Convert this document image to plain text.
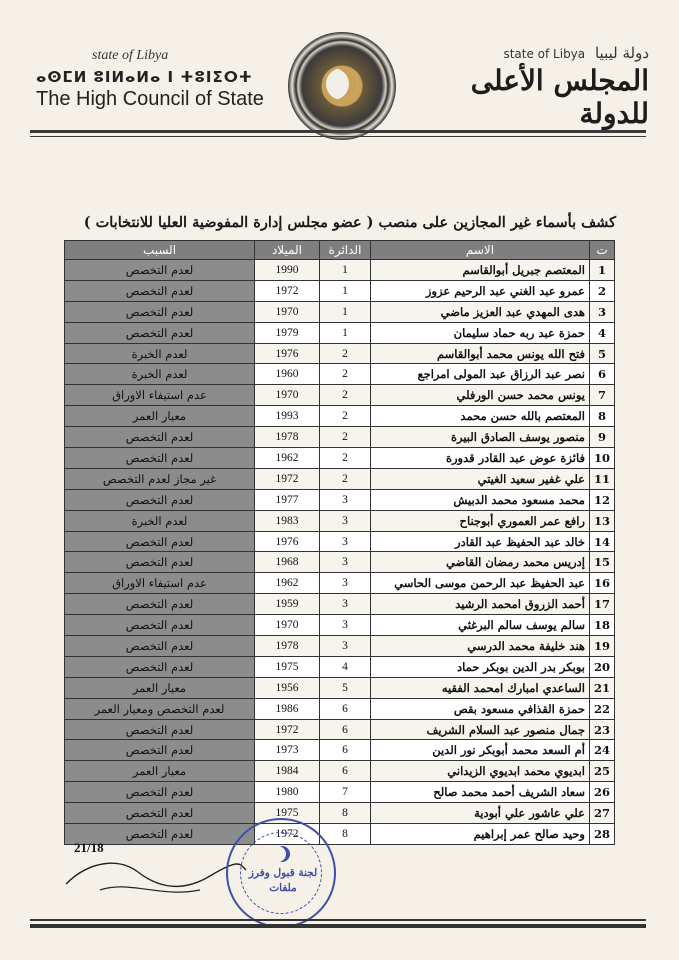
state of Libya
ⴰⵙⵎⵍ ⵓⵏⵍⴰⵍⴰ ⵏ ⵜⵓⵏⵉⵔⵜ
The High Council of State
state of Libya دولة ليبيا
المجلس الأعلى للدولة
كشف بأسماء غير المجازين على منصب ( عضو مجلس إدارة المفوضية العليا للانتخابات )
ت	الاسم	الدائرة	الميلاد	السبب
1	المعتصم جبريل أبوالقاسم	1	1990	لعدم التخصص
2	عمرو عبد الغني عبد الرحيم عزوز	1	1972	لعدم التخصص
3	هدى المهدي عبد العزيز ماضي	1	1970	لعدم التخصص
4	حمزة عبد ربه حماد سليمان	1	1979	لعدم التخصص
5	فتح الله يونس محمد أبوالقاسم	2	1976	لعدم الخبرة
6	نصر عبد الرزاق عبد المولى امراجع	2	1960	لعدم الخبرة
7	يونس محمد حسن الورفلي	2	1970	عدم استيفاء الاوراق
8	المعتصم بالله حسن محمد	2	1993	معيار العمر
9	منصور يوسف الصادق البيرة	2	1978	لعدم التخصص
10	فائزة عوض عبد القادر قدورة	2	1962	لعدم التخصص
11	علي غفير سعيد الغيتي	2	1972	غير مجاز لعدم التخصص
12	محمد مسعود محمد الدبيش	3	1977	لعدم التخصص
13	رافع عمر العموري أبوجناح	3	1983	لعدم الخبرة
14	خالد عبد الحفيظ عبد القادر	3	1976	لعدم التخصص
15	إدريس محمد رمضان القاضي	3	1968	لعدم التخصص
16	عبد الحفيظ عبد الرحمن موسى الحاسي	3	1962	عدم استيفاء الاوراق
17	أحمد الزروق امحمد الرشيد	3	1959	لعدم التخصص
18	سالم يوسف سالم البرغثي	3	1970	لعدم التخصص
19	هند خليفة محمد الدرسي	3	1978	لعدم التخصص
20	بوبكر بدر الدين بوبكر حماد	4	1975	لعدم التخصص
21	الساعدي امبارك امحمد الفقيه	5	1956	معيار العمر
22	حمزة القذافي مسعود بقص	6	1986	لعدم التخصص ومعيار العمر
23	جمال منصور عبد السلام الشريف	6	1972	لعدم التخصص
24	أم السعد محمد أبوبكر نور الدين	6	1973	لعدم التخصص
25	ابديوي محمد ابديوي الزيداني	6	1984	معيار العمر
26	سعاد الشريف أحمد محمد صالح	7	1980	لعدم التخصص
27	علي عاشور علي أبودية	8	1975	لعدم التخصص
28	وحيد صالح عمر إبراهيم	8	1972	لعدم التخصص
21/18
لجنة قبول وفرز ملفات
